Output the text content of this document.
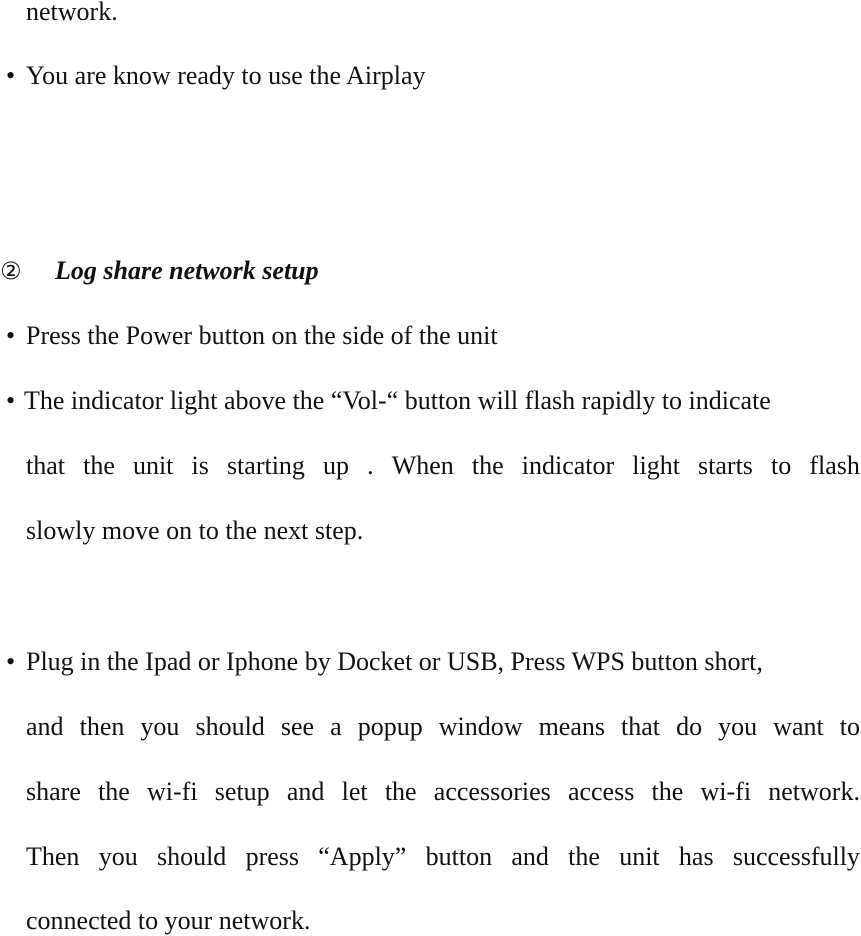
network.
• You are know ready to use the Airplay
② Log share network setup
• Press the Power button on the side of the unit
• The indicator light above the “Vol-“ button will flash rapidly to indicate
that the unit is starting up . When the indicator light starts to flash
slowly move on to the next step.
• Plug in the Ipad or Iphone by Docket or USB, Press WPS button short,
and then you should see a popup window means that do you want to
share the wi-fi setup and let the accessories access the wi-fi network.
Then you should press “Apply” button and the unit has successfully
connected to your network.
